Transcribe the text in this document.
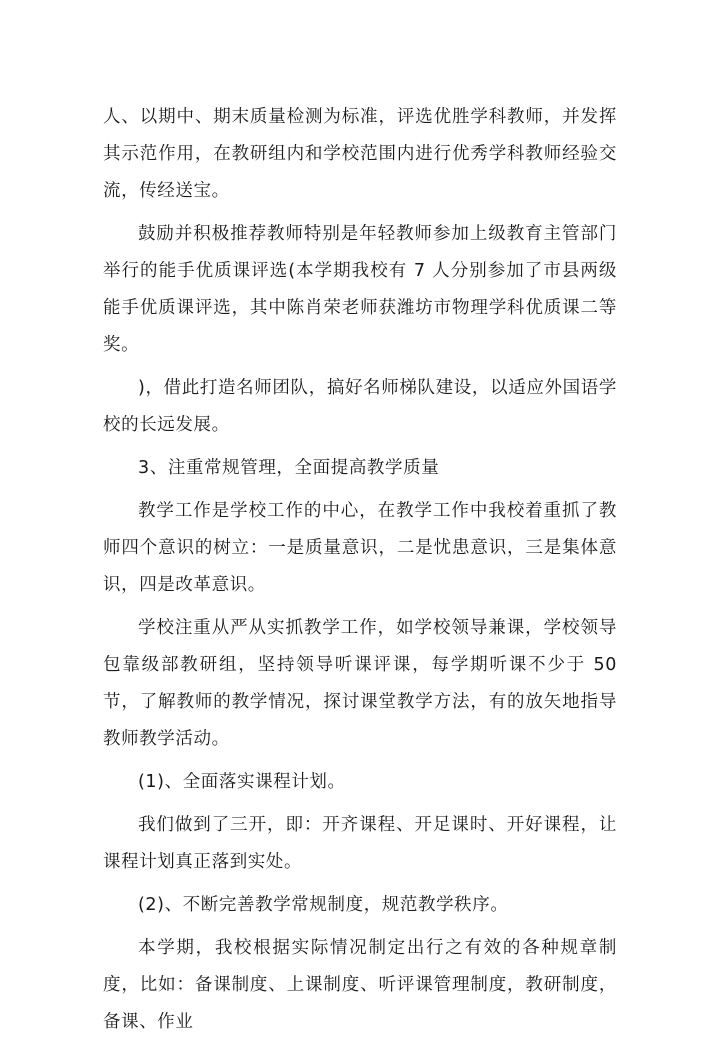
人、以期中、期末质量检测为标准，评选优胜学科教师，并发挥其示范作用，在教研组内和学校范围内进行优秀学科教师经验交流，传经送宝。

鼓励并积极推荐教师特别是年轻教师参加上级教育主管部门举行的能手优质课评选(本学期我校有 7 人分别参加了市县两级能手优质课评选，其中陈肖荣老师获潍坊市物理学科优质课二等奖。

)，借此打造名师团队，搞好名师梯队建设，以适应外国语学校的长远发展。

3、注重常规管理，全面提高教学质量

教学工作是学校工作的中心，在教学工作中我校着重抓了教师四个意识的树立：一是质量意识，二是忧患意识，三是集体意识，四是改革意识。

学校注重从严从实抓教学工作，如学校领导兼课，学校领导包靠级部教研组，坚持领导听课评课，每学期听课不少于 50 节，了解教师的教学情况，探讨课堂教学方法，有的放矢地指导教师教学活动。

(1)、全面落实课程计划。

我们做到了三开，即：开齐课程、开足课时、开好课程，让课程计划真正落到实处。

(2)、不断完善教学常规制度，规范教学秩序。

本学期，我校根据实际情况制定出行之有效的各种规章制度，比如：备课制度、上课制度、听评课管理制度，教研制度，备课、作业
